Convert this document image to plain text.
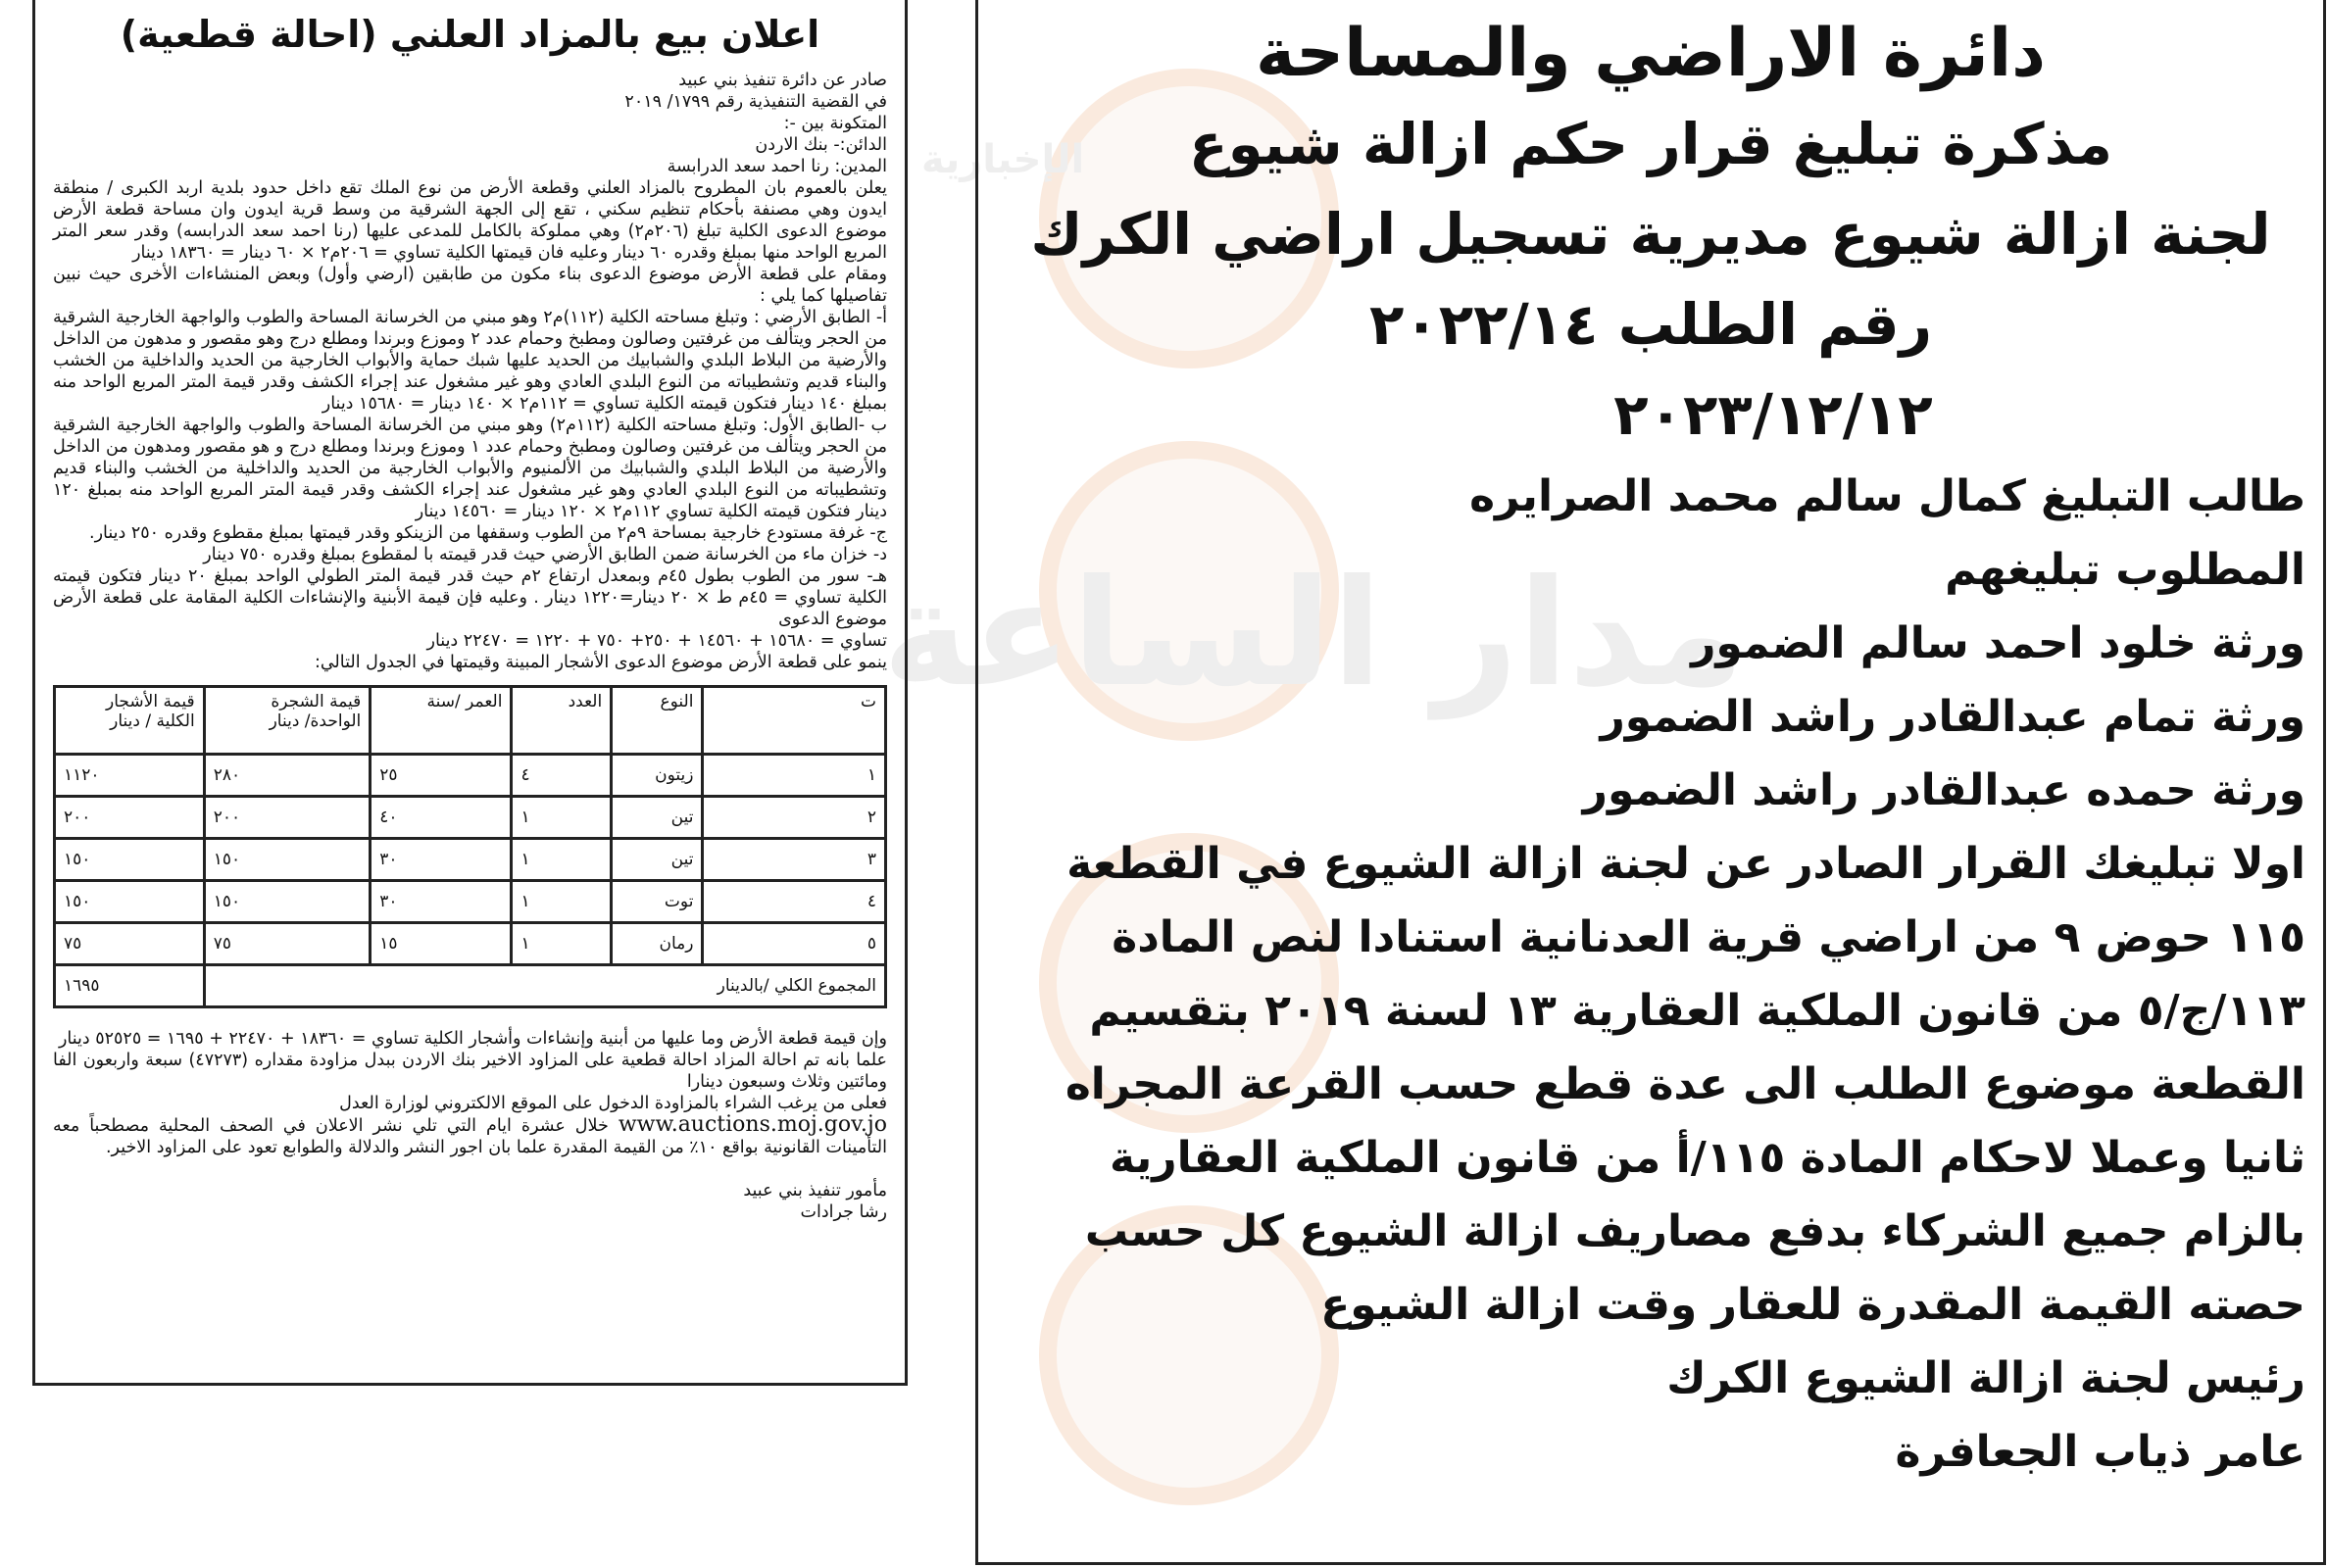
مدار الساعة
الإخبارية
اعلان بيع بالمزاد العلني (احالة قطعية)

صادر عن دائرة تنفيذ بني عبيد

في القضية التنفيذية رقم ١٧٩٩/ ٢٠١٩

المتكونة بين -:

الدائن:- بنك الاردن

المدين: رنا احمد سعد الدرابسة

يعلن بالعموم بان المطروح بالمزاد العلني وقطعة الأرض من نوع الملك تقع داخل حدود بلدية اربد الكبرى / منطقة ايدون وهي مصنفة بأحكام تنظيم سكني ، تقع إلى الجهة الشرقية من وسط قرية ايدون وان مساحة قطعة الأرض موضوع الدعوى الكلية تبلغ (٢٠٦م٢) وهي مملوكة بالكامل للمدعى عليها (رنا احمد سعد الدرابسه) وقدر سعر المتر المربع الواحد منها بمبلغ وقدره ٦٠ دينار وعليه فان قيمتها الكلية تساوي = ٢٠٦م٢ × ٦٠ دينار = ١٨٣٦٠ دينار

ومقام على قطعة الأرض موضوع الدعوى بناء مكون من طابقين (ارضي وأول) وبعض المنشاءات الأخرى حيث نبين تفاصيلها كما يلي :

أ- الطابق الأرضي : وتبلغ مساحته الكلية (١١٢)م٢ وهو مبني من الخرسانة المساحة والطوب والواجهة الخارجية الشرقية من الحجر ويتألف من غرفتين وصالون ومطبخ وحمام عدد ٢ وموزع وبرندا ومطلع درج وهو مقصور و مدهون من الداخل والأرضية من البلاط البلدي والشبابيك من الحديد عليها شبك حماية والأبواب الخارجية من الحديد والداخلية من الخشب والبناء قديم وتشطيباته من النوع البلدي العادي وهو غير مشغول عند إجراء الكشف وقدر قيمة المتر المربع الواحد منه بمبلغ ١٤٠ دينار فتكون قيمته الكلية تساوي = ١١٢م٢ × ١٤٠ دينار = ١٥٦٨٠ دينار

ب -الطابق الأول: وتبلغ مساحته الكلية (١١٢م٢) وهو مبني من الخرسانة المساحة والطوب والواجهة الخارجية الشرقية من الحجر ويتألف من غرفتين وصالون ومطبخ وحمام عدد ١ وموزع وبرندا ومطلع درج و هو مقصور ومدهون من الداخل والأرضية من البلاط البلدي والشبابيك من الألمنيوم والأبواب الخارجية من الحديد والداخلية من الخشب والبناء قديم وتشطيباته من النوع البلدي العادي وهو غير مشغول عند إجراء الكشف وقدر قيمة المتر المربع الواحد منه بمبلغ ١٢٠ دينار فتكون قيمته الكلية تساوي ١١٢م٢ × ١٢٠ دينار = ١٤٥٦٠ دينار

ج- غرفة مستودع خارجية بمساحة ٩م٢ من الطوب وسقفها من الزينكو وقدر قيمتها بمبلغ مقطوع وقدره ٢٥٠ دينار.

د- خزان ماء من الخرسانة ضمن الطابق الأرضي حيث قدر قيمته با لمقطوع بمبلغ وقدره ٧٥٠ دينار

هـ- سور من الطوب بطول ٤٥م وبمعدل ارتفاع ٢م حيث قدر قيمة المتر الطولي الواحد بمبلغ ٢٠ دينار فتكون قيمته الكلية تساوي = ٤٥م ط × ٢٠ دينار=١٢٢٠ دينار . وعليه فإن قيمة الأبنية والإنشاءات الكلية المقامة على قطعة الأرض موضوع الدعوى

تساوي = ١٥٦٨٠ + ١٤٥٦٠ + ٢٥٠+ ٧٥٠ + ١٢٢٠ = ٢٢٤٧٠ دينار

ينمو على قطعة الأرض موضوع الدعوى الأشجار المبينة وقيمتها في الجدول التالي:

ت	النوع	العدد	العمر /سنة	قيمة الشجرة الواحدة/ دينار	قيمة الأشجار الكلية / دينار
١	زيتون	٤	٢٥	٢٨٠	١١٢٠
٢	تين	١	٤٠	٢٠٠	٢٠٠
٣	تين	١	٣٠	١٥٠	١٥٠
٤	توت	١	٣٠	١٥٠	١٥٠
٥	رمان	١	١٥	٧٥	٧٥
المجموع الكلي /بالدينار					١٦٩٥

وإن قيمة قطعة الأرض وما عليها من أبنية وإنشاءات وأشجار الكلية تساوي = ١٨٣٦٠ + ٢٢٤٧٠ + ١٦٩٥ = ٥٢٥٢٥ دينار

علما بانه تم احالة المزاد احالة قطعية على المزاود الاخير بنك الاردن ببدل مزاودة مقداره (٤٧٢٧٣) سبعة واربعون الفا ومائتين وثلاث وسبعون دينارا

فعلى من يرغب الشراء بالمزاودة الدخول على الموقع الالكتروني لوزارة العدل

www.auctions.moj.gov.jo خلال عشرة ايام التي تلي نشر الاعلان في الصحف المحلية مصطحباً معه التأمينات القانونية بواقع ١٠٪ من القيمة المقدرة علما بان اجور النشر والدلالة والطوابع تعود على المزاود الاخير.

مأمور تنفيذ بني عبيد

رشا جرادات

دائرة الاراضي والمساحة
مذكرة تبليغ قرار حكم ازالة شيوع
لجنة ازالة شيوع مديرية تسجيل اراضي الكرك
رقم الطلب ٢٠٢٢/١٤
٢٠٢٣/١٢/١٢
طالب التبليغ كمال سالم محمد الصرايره
المطلوب تبليغهم
ورثة خلود احمد سالم الضمور
ورثة تمام عبدالقادر راشد الضمور
ورثة حمده عبدالقادر راشد الضمور
اولا تبليغك القرار الصادر عن لجنة ازالة الشيوع في القطعة
١١٥ حوض ٩ من اراضي قرية العدنانية استنادا لنص المادة
١١٣/ج/٥ من قانون الملكية العقارية ١٣ لسنة ٢٠١٩ بتقسيم
القطعة موضوع الطلب الى عدة قطع حسب القرعة المجراه
ثانيا وعملا لاحكام المادة ١١٥/أ من قانون الملكية العقارية
بالزام جميع الشركاء بدفع مصاريف ازالة الشيوع كل حسب
حصته القيمة المقدرة للعقار وقت ازالة الشيوع
رئيس لجنة ازالة الشيوع الكرك
عامر ذياب الجعافرة
